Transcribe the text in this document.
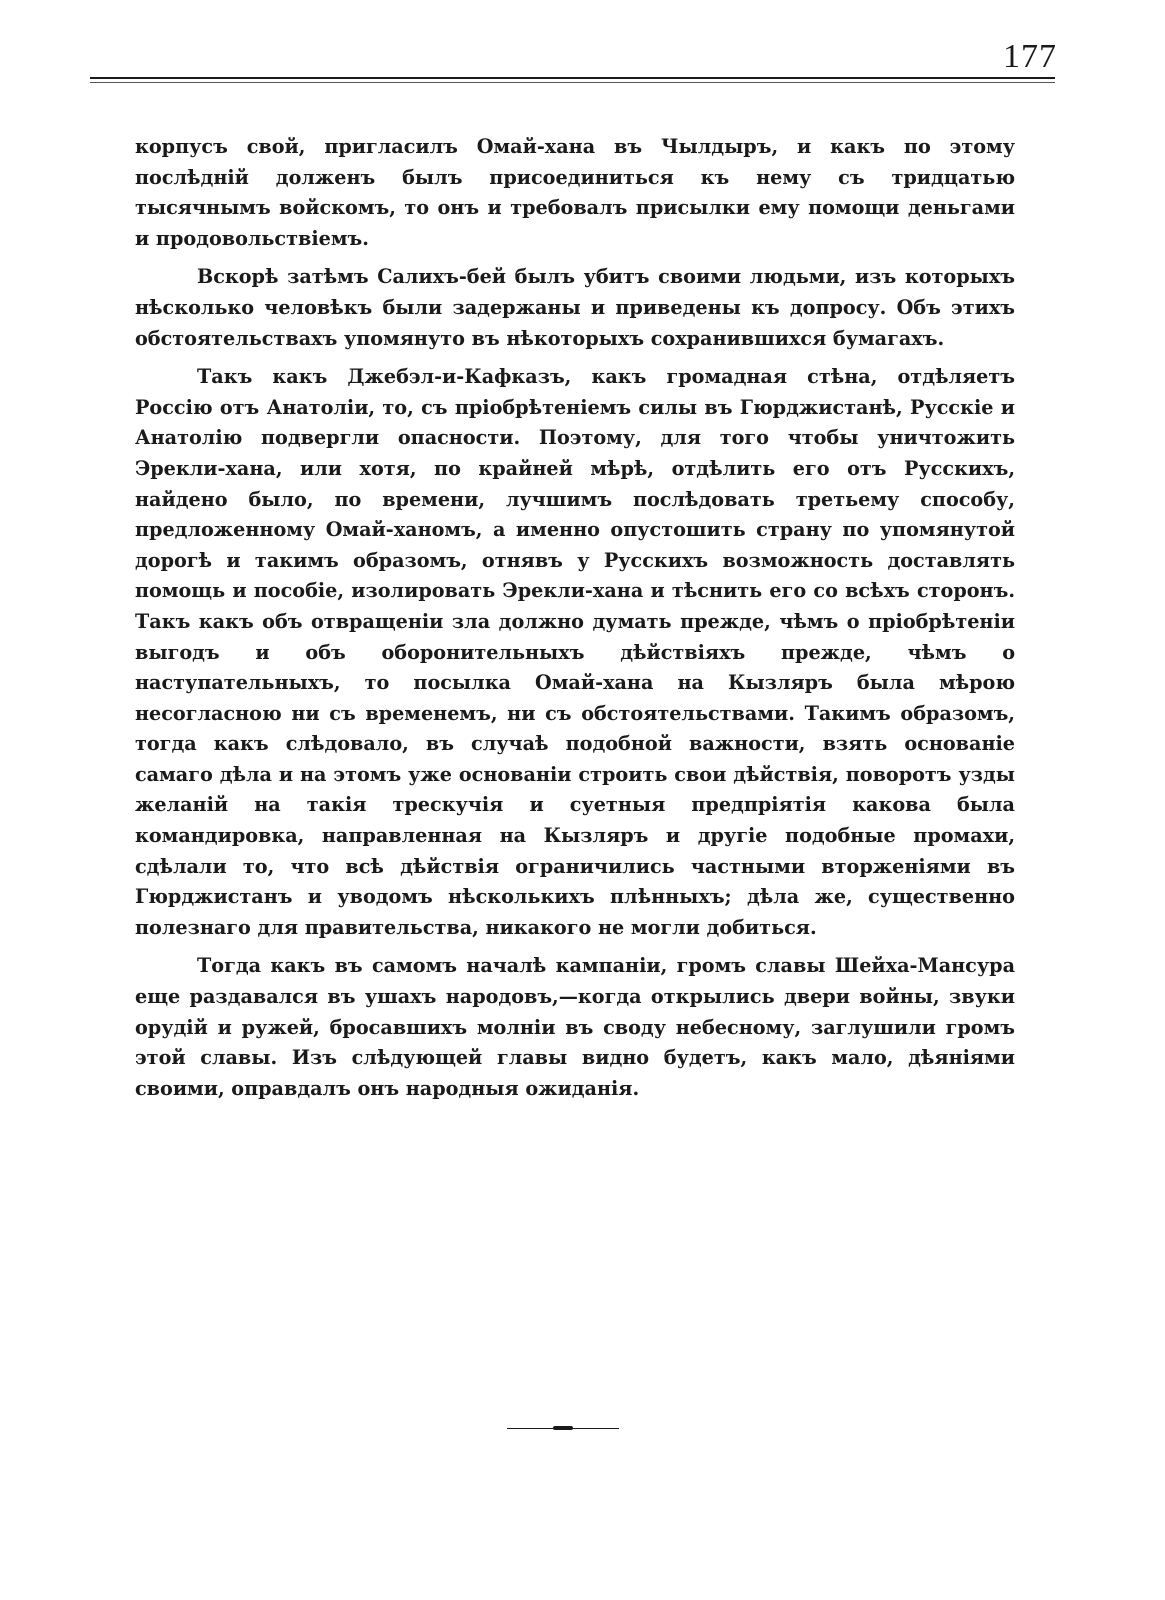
177

корпусъ свой, пригласилъ Омай-хана въ Чылдыръ, и какъ по этому послѣдній долженъ былъ присоединиться къ нему съ тридцатью тысячнымъ войскомъ, то онъ и требовалъ присылки ему помощи деньгами и продовольствіемъ.

Вскорѣ затѣмъ Салихъ-бей былъ убитъ своими людьми, изъ которыхъ нѣсколько человѣкъ были задержаны и приведены къ допросу. Объ этихъ обстоятельствахъ упомянуто въ нѣкоторыхъ сохранившихся бумагахъ.

Такъ какъ Джебэл-и-Кафказъ, какъ громадная стѣна, отдѣляетъ Россію отъ Анатоліи, то, съ пріобрѣтеніемъ силы въ Гюрджистанѣ, Русскіе и Анатолію подвергли опасности. Поэтому, для того чтобы уничтожить Эрекли-хана, или хотя, по крайней мѣрѣ, отдѣлить его отъ Русскихъ, найдено было, по времени, лучшимъ послѣдовать третьему способу, предложенному Омай-ханомъ, а именно опустошить страну по упомянутой дорогѣ и такимъ образомъ, отнявъ у Русскихъ возможность доставлять помощь и пособіе, изолировать Эрекли-хана и тѣснить его со всѣхъ сторонъ. Такъ какъ объ отвращеніи зла должно думать прежде, чѣмъ о пріобрѣтеніи выгодъ и объ оборонительныхъ дѣйствіяхъ прежде, чѣмъ о наступательныхъ, то посылка Омай-хана на Кызляръ была мѣрою несогласною ни съ временемъ, ни съ обстоятельствами. Такимъ образомъ, тогда какъ слѣдовало, въ случаѣ подобной важности, взять основаніе самаго дѣла и на этомъ уже основаніи строить свои дѣйствія, поворотъ узды желаній на такія трескучія и суетныя предпріятія какова была командировка, направленная на Кызляръ и другіе подобные промахи, сдѣлали то, что всѣ дѣйствія ограничились частными вторженіями въ Гюрджистанъ и уводомъ нѣсколькихъ плѣнныхъ; дѣла же, существенно полезнаго для правительства, никакого не могли добиться.

Тогда какъ въ самомъ началѣ кампаніи, громъ славы Шейха-Мансура еще раздавался въ ушахъ народовъ,—когда открылись двери войны, звуки орудій и ружей, бросавшихъ молніи въ своду небесному, заглушили громъ этой славы. Изъ слѣдующей главы видно будетъ, какъ мало, дѣяніями своими, оправдалъ онъ народныя ожиданія.
